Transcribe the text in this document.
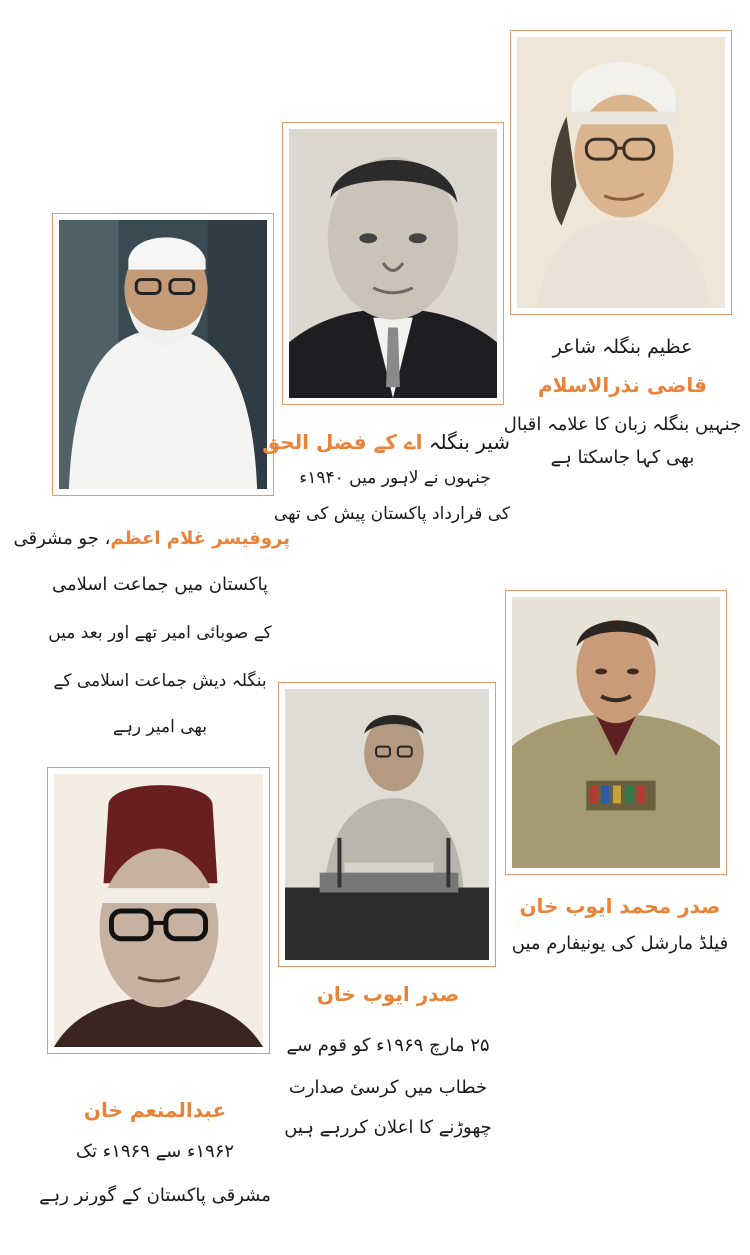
عظیم بنگلہ شاعر
قاضی نذرالاسلام
جنہیں بنگلہ زبان کا علامہ اقبال
بھی کہا جاسکتا ہے
شیر بنگلہ اے کے فضل الحق
جنہوں نے لاہور میں ۱۹۴۰ء
کی قرارداد پاکستان پیش کی تھی
پروفیسر غلام اعظم، جو مشرقی
پاکستان میں جماعت اسلامی
کے صوبائی امیر تھے اور بعد میں
بنگلہ دیش جماعت اسلامی کے
بھی امیر رہے
صدر محمد ایوب خان
فیلڈ مارشل کی یونیفارم میں
صدر ایوب خان
۲۵ مارچ ۱۹۶۹ء کو قوم سے
خطاب میں کرسئ صدارت
چھوڑنے کا اعلان کررہے ہیں
عبدالمنعم خان
۱۹۶۲ء سے ۱۹۶۹ء تک
مشرقی پاکستان کے گورنر رہے
